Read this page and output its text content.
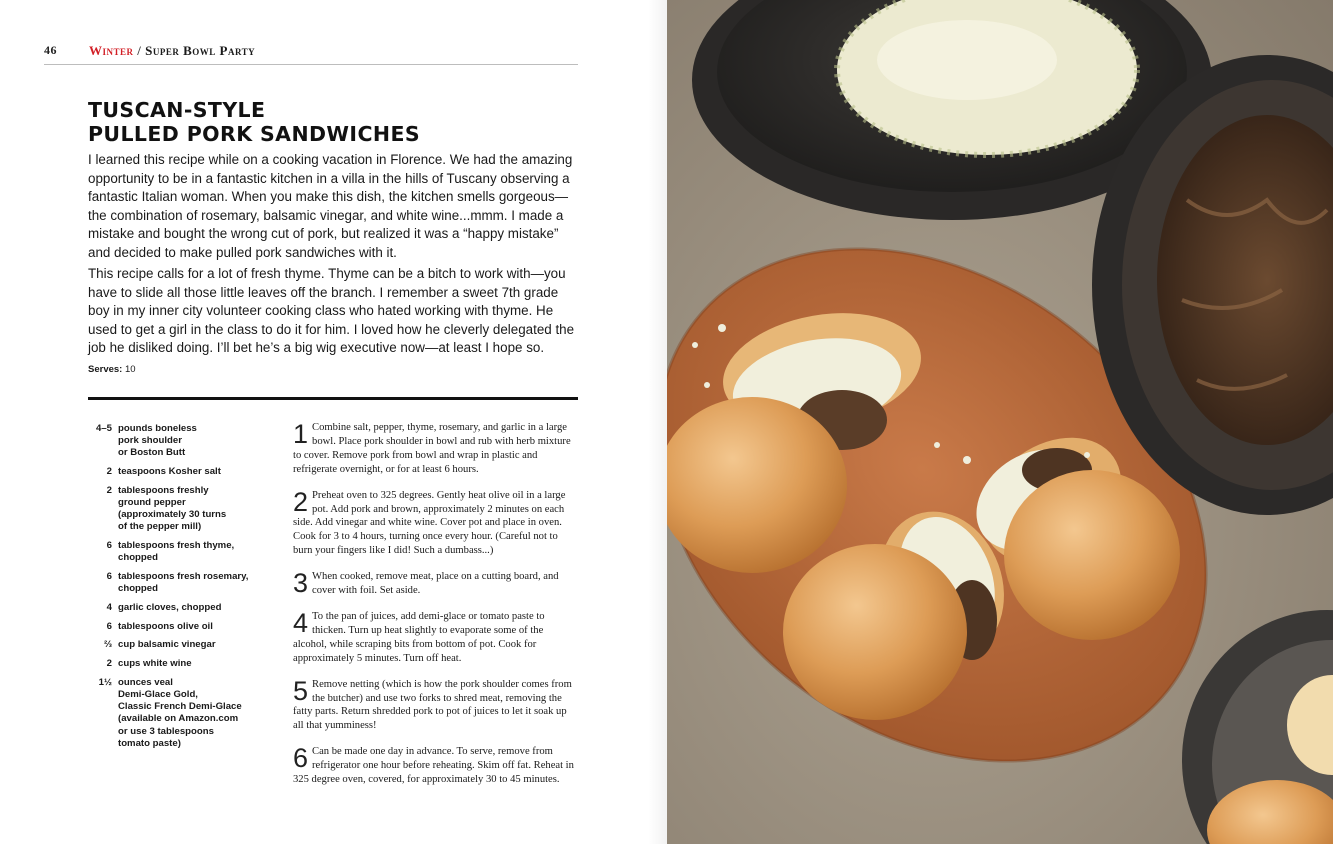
46 Winter / Super Bowl Party
TUSCAN-STYLE
PULLED PORK SANDWICHES

I learned this recipe while on a cooking vacation in Florence. We had the amazing opportunity to be in a fantastic kitchen in a villa in the hills of Tuscany observing a fantastic Italian woman. When you make this dish, the kitchen smells gorgeous—the combination of rosemary, balsamic vinegar, and white wine...mmm. I made a mistake and bought the wrong cut of pork, but realized it was a “happy mistake” and decided to make pulled pork sandwiches with it.

This recipe calls for a lot of fresh thyme. Thyme can be a bitch to work with—you have to slide all those little leaves off the branch. I remember a sweet 7th grade boy in my inner city volunteer cooking class who hated working with thyme. He used to get a girl in the class to do it for him. I loved how he cleverly delegated the job he disliked doing. I’ll bet he’s a big wig executive now—at least I hope so.

Serves: 10
4–5 pounds boneless
pork shoulder
or Boston Butt
2 teaspoons Kosher salt
2 tablespoons freshly
ground pepper
(approximately 30 turns
of the pepper mill)
6 tablespoons fresh thyme,
chopped
6 tablespoons fresh rosemary,
chopped
4 garlic cloves, chopped
6 tablespoons olive oil
⅔ cup balsamic vinegar
2 cups white wine
1½ ounces veal
Demi-Glace Gold,
Classic French Demi-Glace
(available on Amazon.com
or use 3 tablespoons
tomato paste)
1 Combine salt, pepper, thyme, rosemary, and garlic in a large bowl. Place pork shoulder in bowl and rub with herb mixture to cover. Remove pork from bowl and wrap in plastic and refrigerate overnight, or for at least 6 hours.
2 Preheat oven to 325 degrees. Gently heat olive oil in a large pot. Add pork and brown, approximately 2 minutes on each side. Add vinegar and white wine. Cover pot and place in oven. Cook for 3 to 4 hours, turning once every hour. (Careful not to burn your fingers like I did! Such a dumbass...)
3 When cooked, remove meat, place on a cutting board, and cover with foil. Set aside.
4 To the pan of juices, add demi-glace or tomato paste to thicken. Turn up heat slightly to evaporate some of the alcohol, while scraping bits from bottom of pot. Cook for approximately 5 minutes. Turn off heat.
5 Remove netting (which is how the pork shoulder comes from the butcher) and use two forks to shred meat, removing the fatty parts. Return shredded pork to pot of juices to let it soak up all that yumminess!
6 Can be made one day in advance. To serve, remove from refrigerator one hour before reheating. Skim off fat. Reheat in 325 degree oven, covered, for approximately 30 to 45 minutes.
